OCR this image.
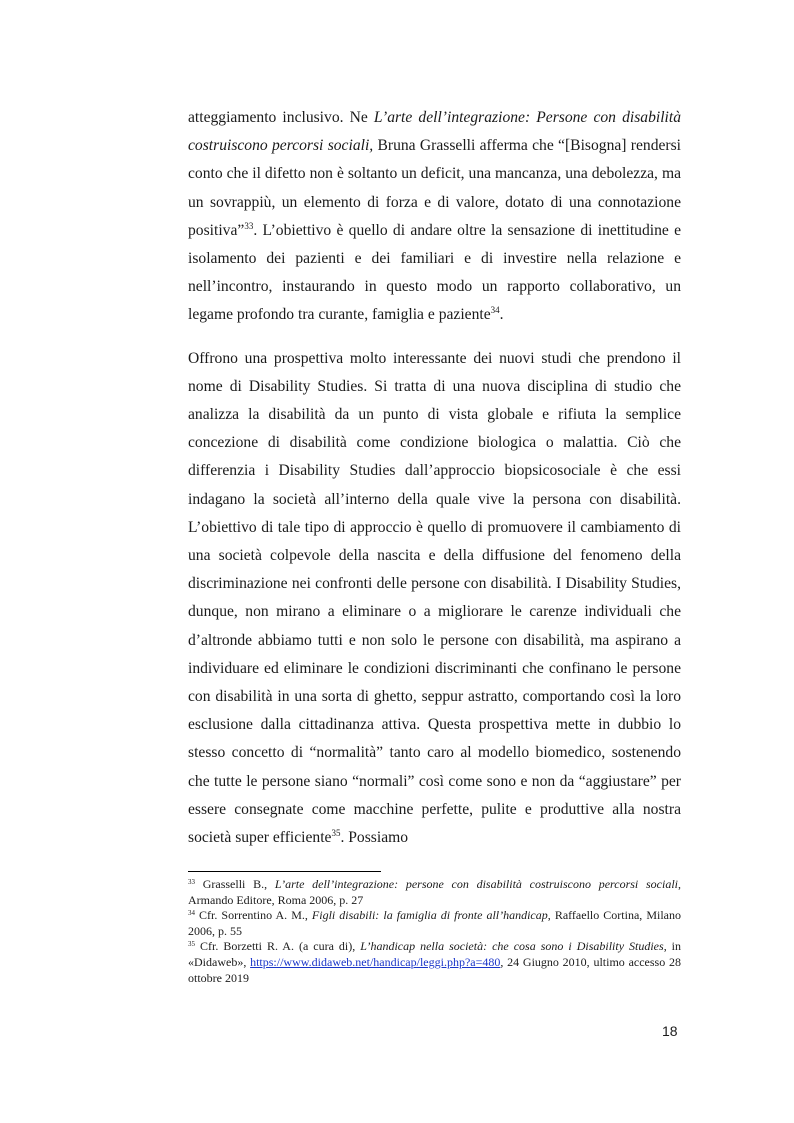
atteggiamento inclusivo. Ne L’arte dell’integrazione: Persone con disabilità costruiscono percorsi sociali, Bruna Grasselli afferma che “[Bisogna] rendersi conto che il difetto non è soltanto un deficit, una mancanza, una debolezza, ma un sovrappiù, un elemento di forza e di valore, dotato di una connotazione positiva”$^{33}$. L’obiettivo è quello di andare oltre la sensazione di inettitudine e isolamento dei pazienti e dei familiari e di investire nella relazione e nell’incontro, instaurando in questo modo un rapporto collaborativo, un legame profondo tra curante, famiglia e paziente$^{34}$.

Offrono una prospettiva molto interessante dei nuovi studi che prendono il nome di Disability Studies. Si tratta di una nuova disciplina di studio che analizza la disabilità da un punto di vista globale e rifiuta la semplice concezione di disabilità come condizione biologica o malattia. Ciò che differenzia i Disability Studies dall’approccio biopsicosociale è che essi indagano la società all’interno della quale vive la persona con disabilità. L’obiettivo di tale tipo di approccio è quello di promuovere il cambiamento di una società colpevole della nascita e della diffusione del fenomeno della discriminazione nei confronti delle persone con disabilità. I Disability Studies, dunque, non mirano a eliminare o a migliorare le carenze individuali che d’altronde abbiamo tutti e non solo le persone con disabilità, ma aspirano a individuare ed eliminare le condizioni discriminanti che confinano le persone con disabilità in una sorta di ghetto, seppur astratto, comportando così la loro esclusione dalla cittadinanza attiva. Questa prospettiva mette in dubbio lo stesso concetto di “normalità” tanto caro al modello biomedico, sostenendo che tutte le persone siano “normali” così come sono e non da “aggiustare” per essere consegnate come macchine perfette, pulite e produttive alla nostra società super efficiente$^{35}$. Possiamo

$^{33}$ Grasselli B., L’arte dell’integrazione: persone con disabilità costruiscono percorsi sociali, Armando Editore, Roma 2006, p. 27

$^{34}$ Cfr. Sorrentino A. M., Figli disabili: la famiglia di fronte all’handicap, Raffaello Cortina, Milano 2006, p. 55

$^{35}$ Cfr. Borzetti R. A. (a cura di), L’handicap nella società: che cosa sono i Disability Studies, in «Didaweb», https://www.didaweb.net/handicap/leggi.php?a=480, 24 Giugno 2010, ultimo accesso 28 ottobre 2019

18
